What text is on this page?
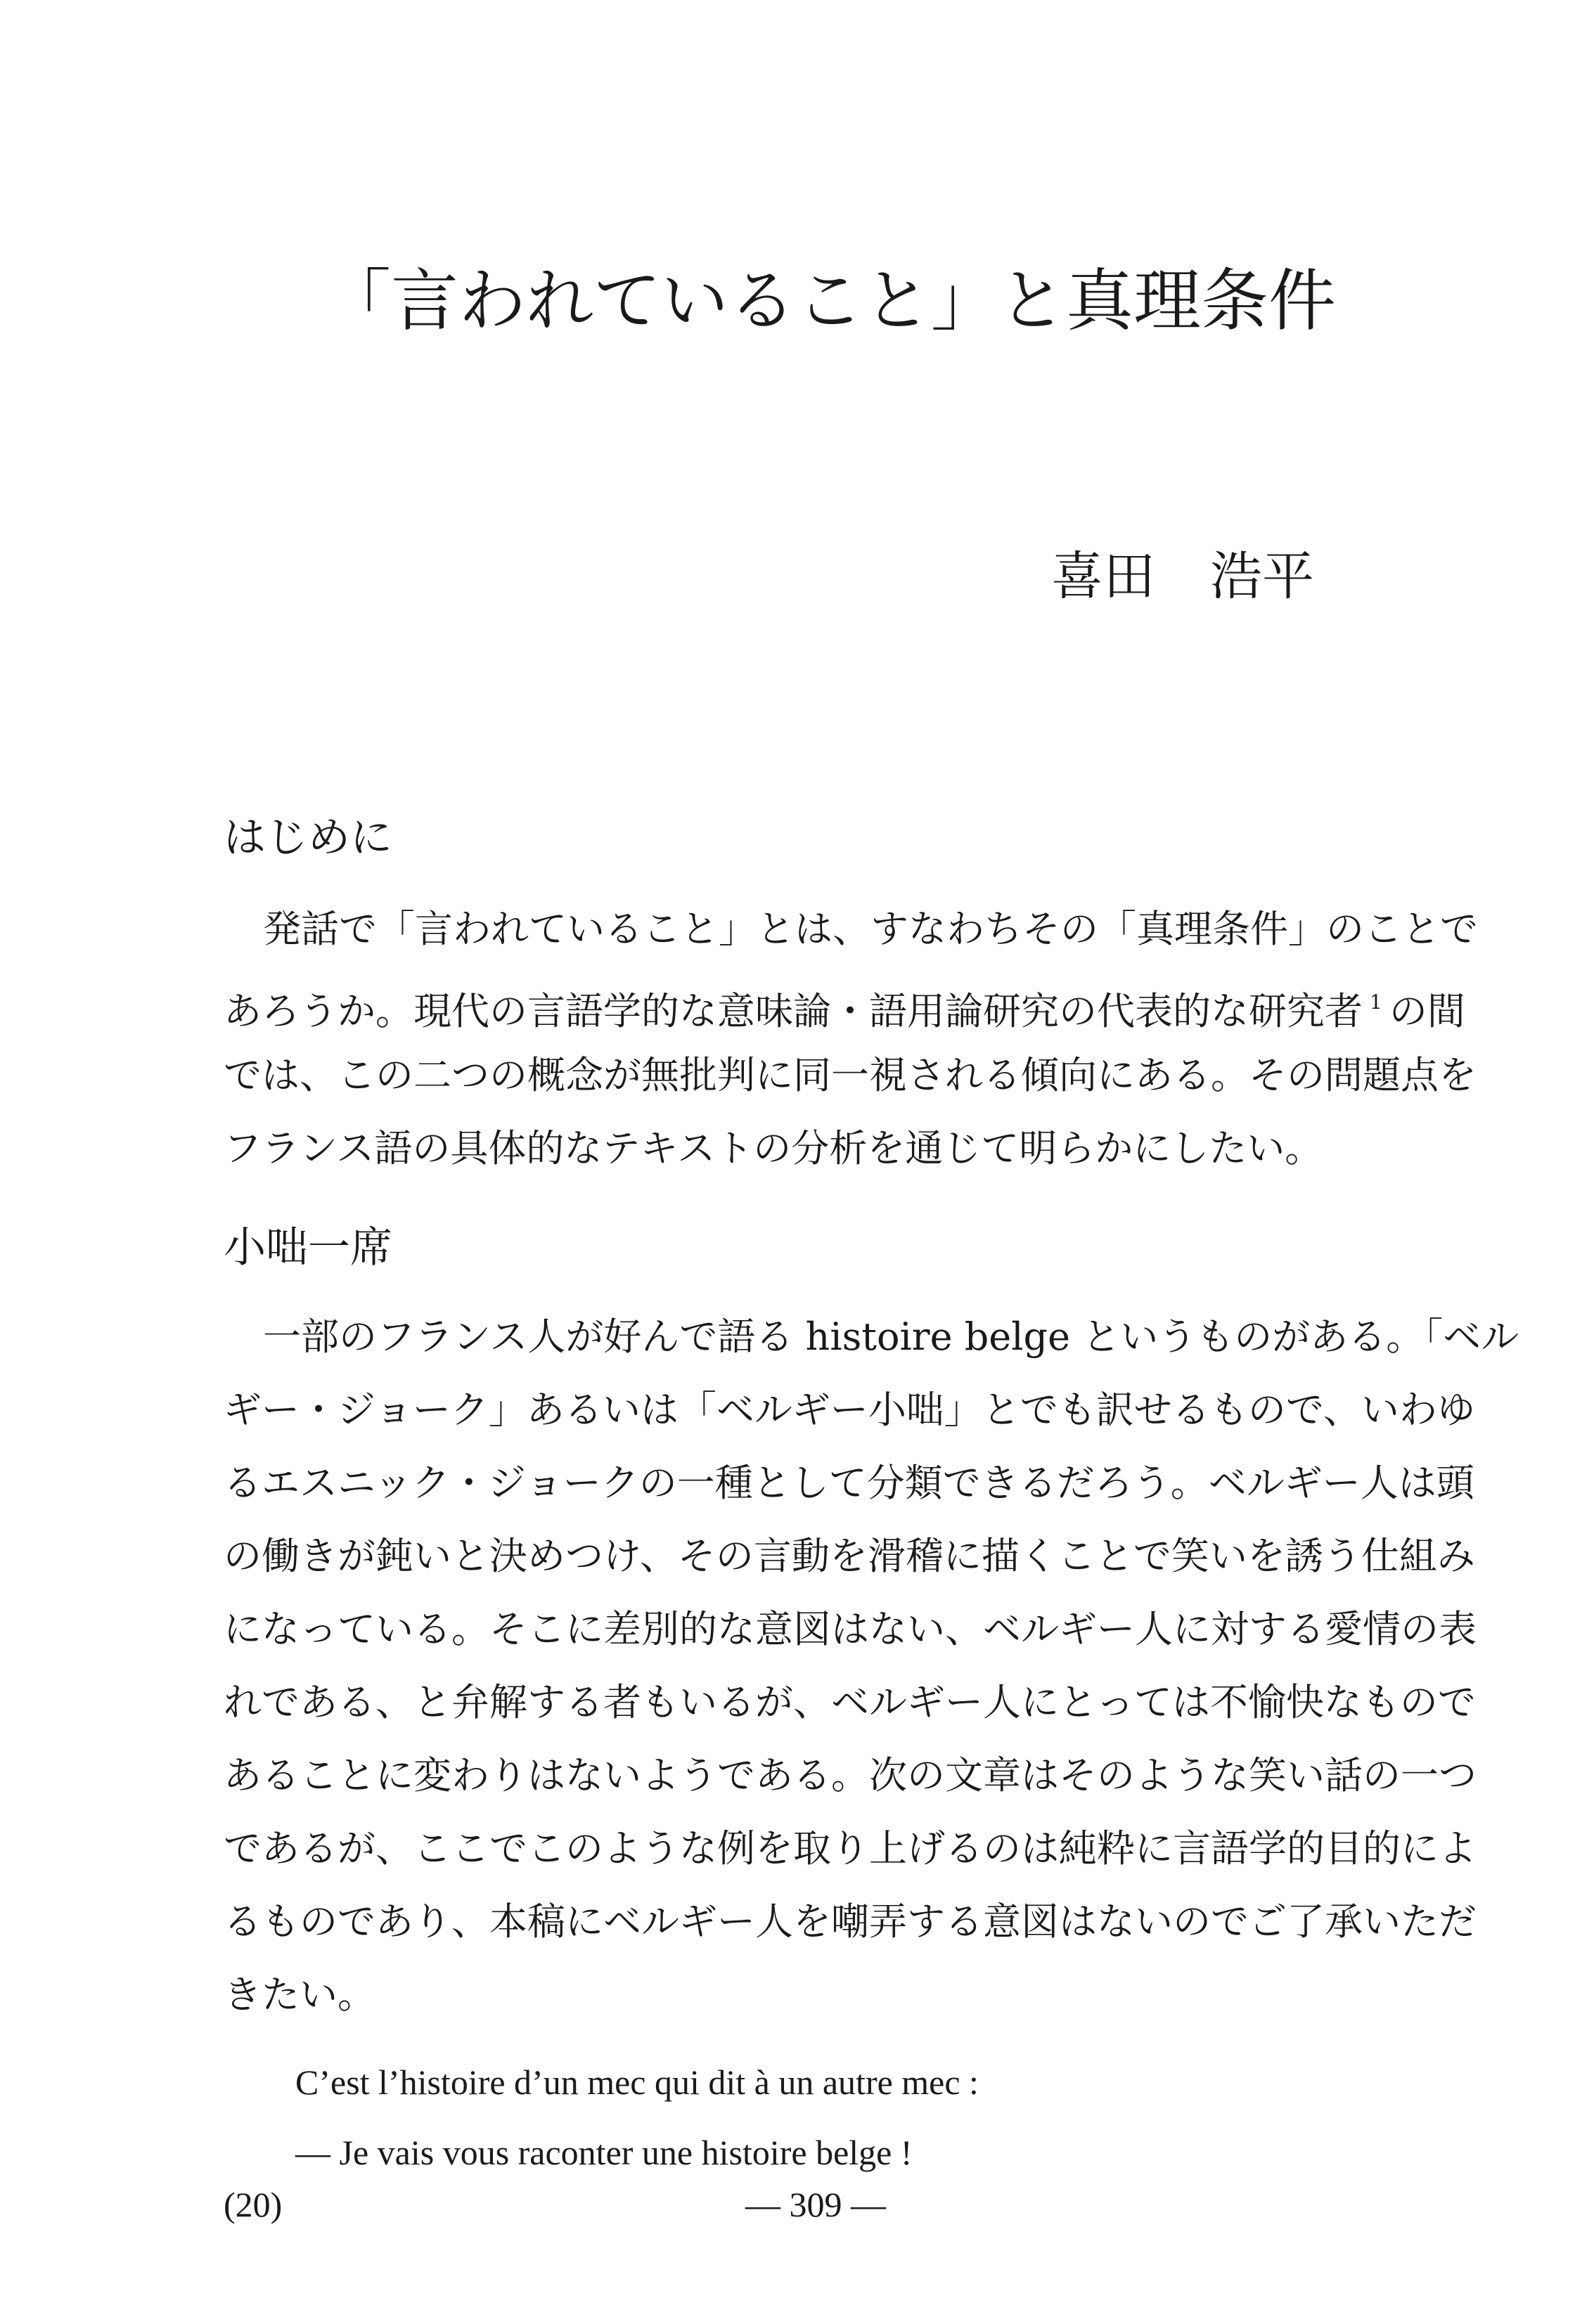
「言われていること」と真理条件
喜田 浩平
はじめに
発話で「言われていること」とは、すなわちその「真理条件」のことで
あろうか。現代の言語学的な意味論・語用論研究の代表的な研究者 $^1$ の間
では、この二つの概念が無批判に同一視される傾向にある。その問題点を
フランス語の具体的なテキストの分析を通じて明らかにしたい。
小咄一席
一部のフランス人が好んで語る histoire belge というものがある。「ベル
ギー・ジョーク」あるいは「ベルギー小咄」とでも訳せるもので、いわゆ
るエスニック・ジョークの一種として分類できるだろう。ベルギー人は頭
の働きが鈍いと決めつけ、その言動を滑稽に描くことで笑いを誘う仕組み
になっている。そこに差別的な意図はない、ベルギー人に対する愛情の表
れである、と弁解する者もいるが、ベルギー人にとっては不愉快なもので
あることに変わりはないようである。次の文章はそのような笑い話の一つ
であるが、ここでこのような例を取り上げるのは純粋に言語学的目的によ
るものであり、本稿にベルギー人を嘲弄する意図はないのでご了承いただ
きたい。
C’est l’histoire d’un mec qui dit à un autre mec :
— Je vais vous raconter une histoire belge !
(20)	— 309 —
